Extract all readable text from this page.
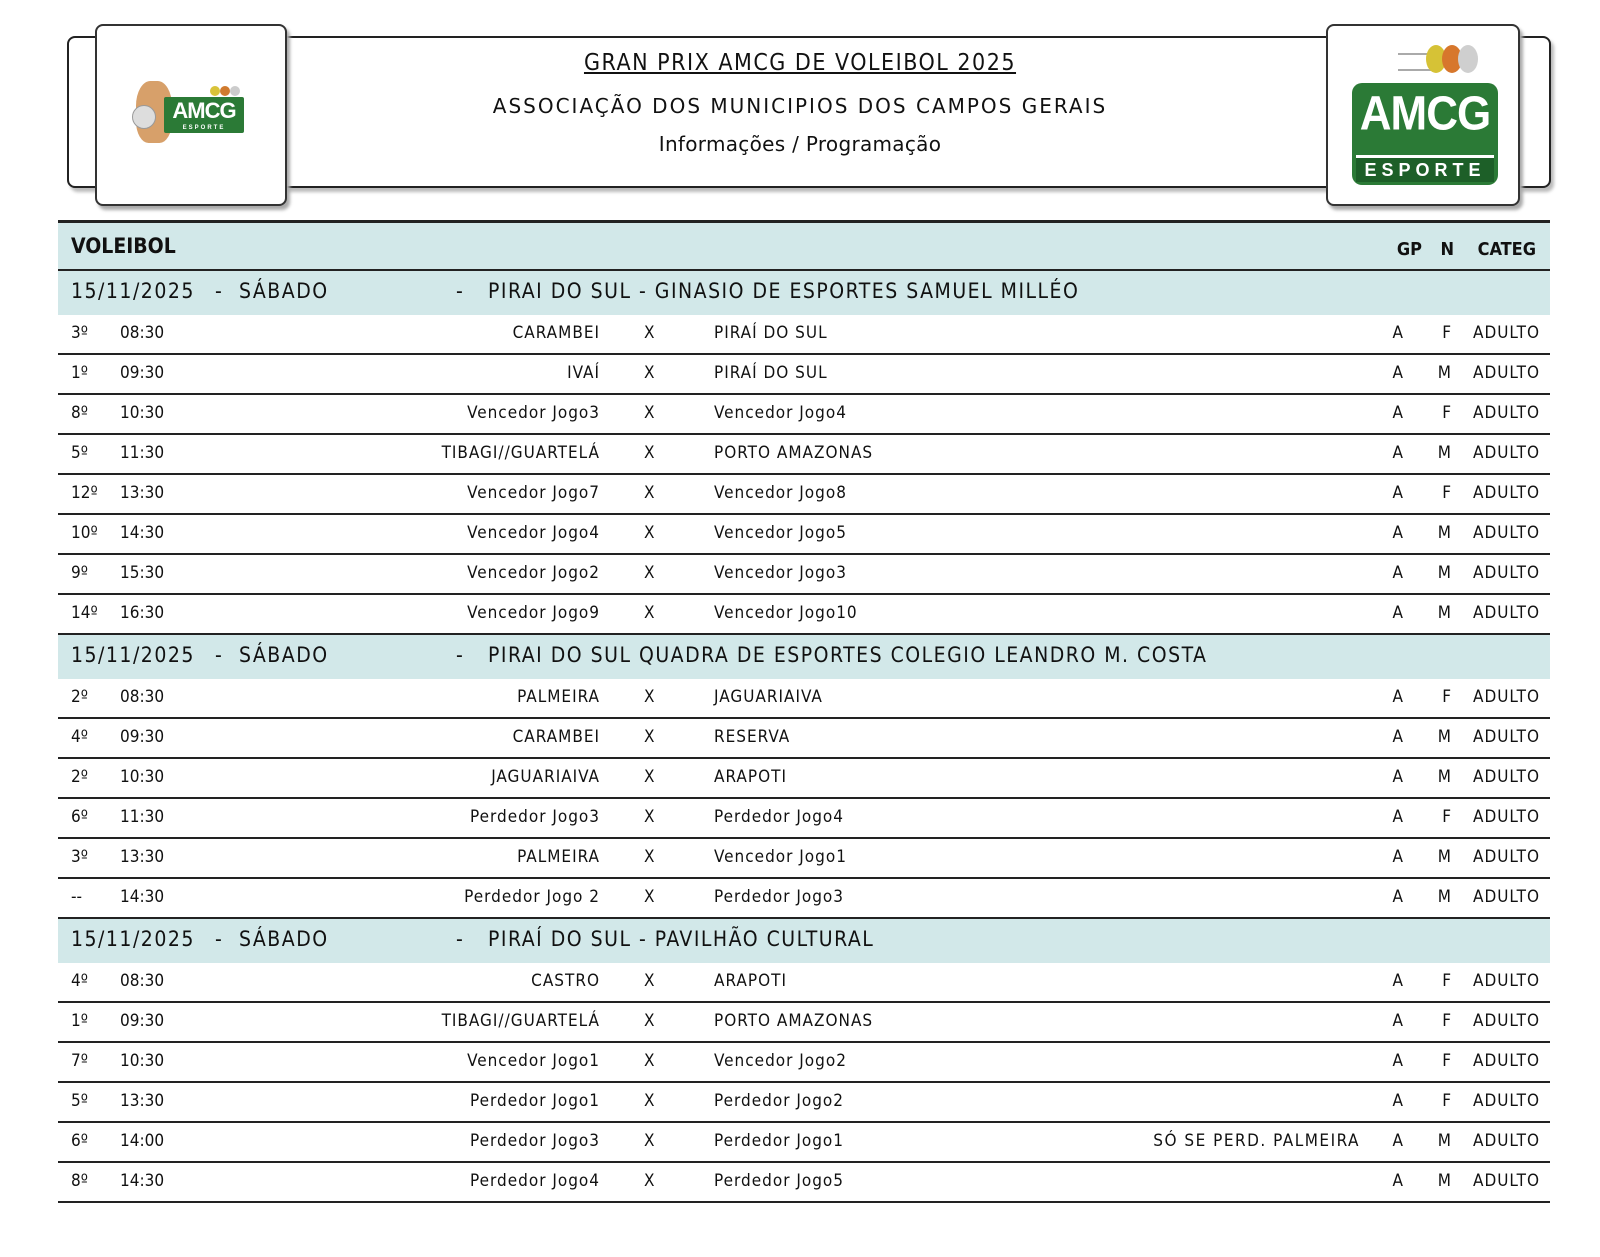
AMCG
ESPORTE
GRAN PRIX AMCG DE VOLEIBOL 2025
ASSOCIAÇÃO DOS MUNICIPIOS DOS CAMPOS GERAIS
Informações / Programação
AMCG
ESPORTE
VOLEIBOL	GP N CATEG
15/11/2025 - SÁBADO	- PIRAI DO SUL - GINASIO DE ESPORTES SAMUEL MILLÉO
3º 08:30	CARAMBEI	X	PIRAÍ DO SUL	A F ADULTO
1º 09:30	IVAÍ	X	PIRAÍ DO SUL	A M ADULTO
8º 10:30	Vencedor Jogo3	X	Vencedor Jogo4	A F ADULTO
5º 11:30	TIBAGI//GUARTELÁ	X	PORTO AMAZONAS	A M ADULTO
12º 13:30	Vencedor Jogo7	X	Vencedor Jogo8	A F ADULTO
10º 14:30	Vencedor Jogo4	X	Vencedor Jogo5	A M ADULTO
9º 15:30	Vencedor Jogo2	X	Vencedor Jogo3	A M ADULTO
14º 16:30	Vencedor Jogo9	X	Vencedor Jogo10	A M ADULTO
15/11/2025 - SÁBADO	- PIRAI DO SUL QUADRA DE ESPORTES COLEGIO LEANDRO M. COSTA
2º 08:30	PALMEIRA	X	JAGUARIAIVA	A F ADULTO
4º 09:30	CARAMBEI	X	RESERVA	A M ADULTO
2º 10:30	JAGUARIAIVA	X	ARAPOTI	A M ADULTO
6º 11:30	Perdedor Jogo3	X	Perdedor Jogo4	A F ADULTO
3º 13:30	PALMEIRA	X	Vencedor Jogo1	A M ADULTO
-- 14:30	Perdedor Jogo 2	X	Perdedor Jogo3	A M ADULTO
15/11/2025 - SÁBADO	- PIRAÍ DO SUL - PAVILHÃO CULTURAL
4º 08:30	CASTRO	X	ARAPOTI	A F ADULTO
1º 09:30	TIBAGI//GUARTELÁ	X	PORTO AMAZONAS	A F ADULTO
7º 10:30	Vencedor Jogo1	X	Vencedor Jogo2	A F ADULTO
5º 13:30	Perdedor Jogo1	X	Perdedor Jogo2	A F ADULTO
6º 14:00	Perdedor Jogo3	X	Perdedor Jogo1	SÓ SE PERD. PALMEIRA A M ADULTO
8º 14:30	Perdedor Jogo4	X	Perdedor Jogo5	A M ADULTO
